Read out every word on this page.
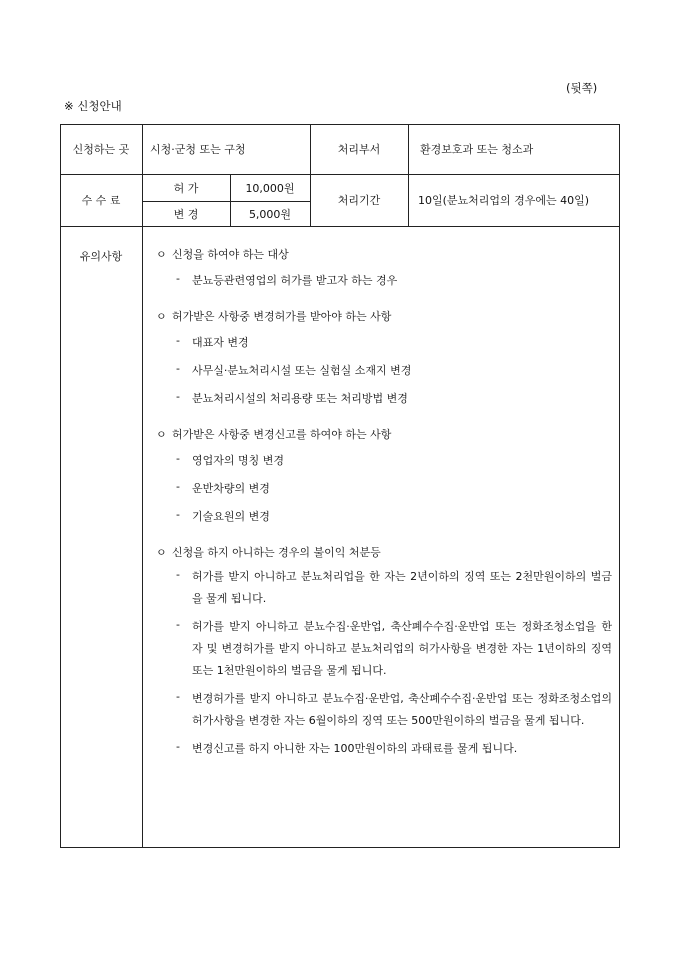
(뒷쪽)
※ 신청안내
신청하는 곳	시청·군청 또는 구청	처리부서	환경보호과 또는 청소과
수 수 료
허 가	10,000원
변 경	5,000원
처리기간	10일(분뇨처리업의 경우에는 40일)
유의사항	ㅇ 신청을 하여야 하는 대상
-	분뇨등관련영업의 허가를 받고자 하는 경우
ㅇ 허가받은 사항중 변경허가를 받아야 하는 사항
-	대표자 변경
-	사무실·분뇨처리시설 또는 실험실 소재지 변경
-	분뇨처리시설의 처리용량 또는 처리방법 변경
ㅇ 허가받은 사항중 변경신고를 하여야 하는 사항
-	영업자의 명칭 변경
-	운반차량의 변경
-	기술요원의 변경
ㅇ 신청을 하지 아니하는 경우의 불이익 처분등
-	허가를 받지 아니하고 분뇨처리업을 한 자는 2년이하의 징역 또는 2천만원이하의 벌금을 물게 됩니다.
-	허가를 받지 아니하고 분뇨수집·운반업, 축산폐수수집·운반업 또는 정화조청소업을 한 자 및 변경허가를 받지 아니하고 분뇨처리업의 허가사항을 변경한 자는 1년이하의 징역 또는 1천만원이하의 벌금을 물게 됩니다.
-	변경허가를 받지 아니하고 분뇨수집·운반업, 축산폐수수집·운반업 또는 정화조청소업의 허가사항을 변경한 자는 6월이하의 징역 또는 500만원이하의 벌금을 물게 됩니다.
-	변경신고를 하지 아니한 자는 100만원이하의 과태료를 물게 됩니다.
